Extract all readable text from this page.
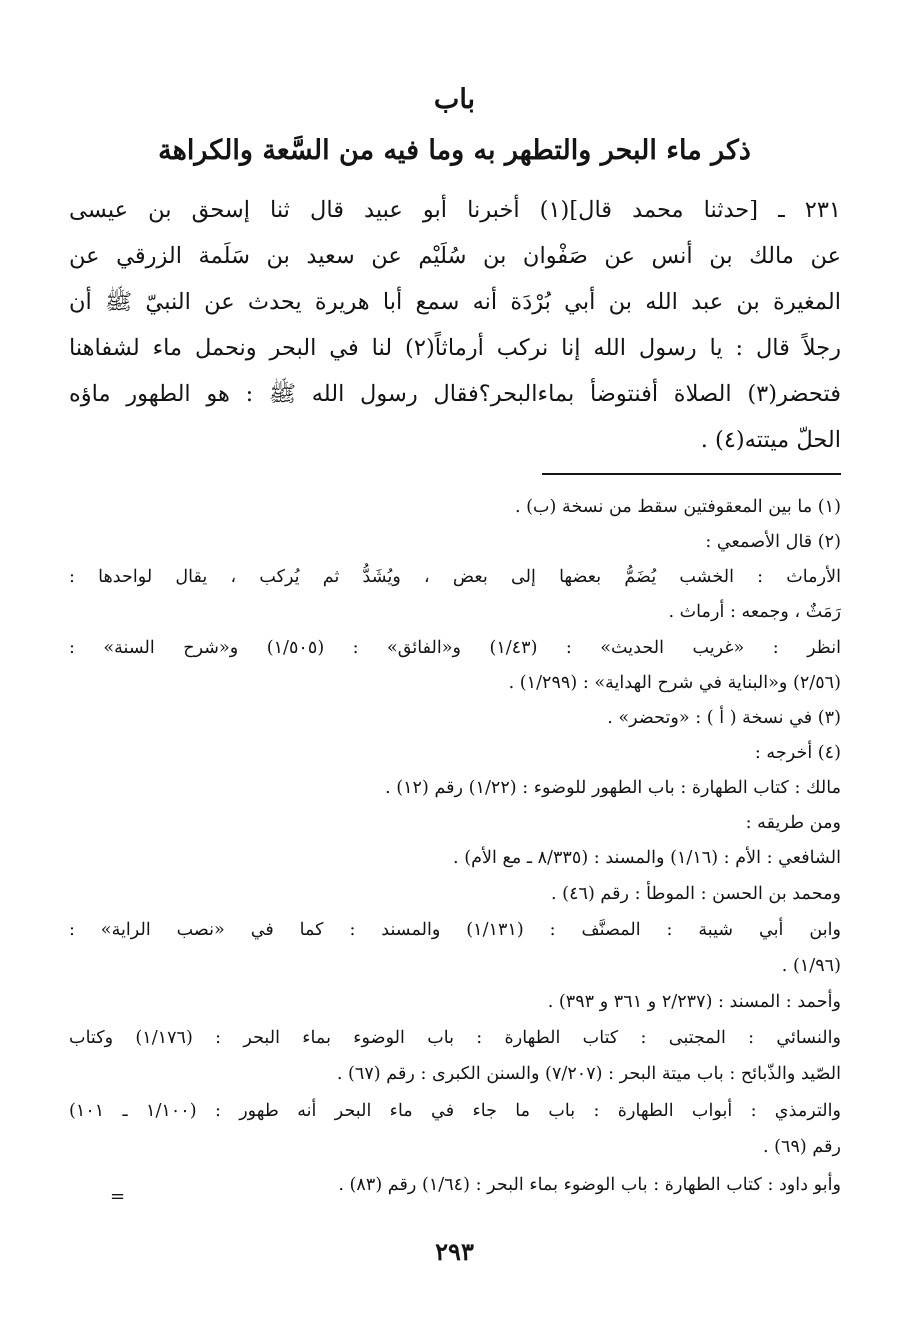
باب
ذكر ماء البحر والتطهر به وما فيه من السَّعة والكراهة
٢٣١ ـ [حدثنا محمد قال](١) أخبرنا أبو عبيد قال ثنا إسحق بن عيسى
عن مالك بن أنس عن صَفْوان بن سُلَيْم عن سعيد بن سَلَمة الزرقي عن
المغيرة بن عبد الله بن أبي بُرْدَة أنه سمع أبا هريرة يحدث عن النبيّ ﷺ أن
رجلاً قال : يا رسول الله إنا نركب أرماثاً(٢) لنا في البحر ونحمل ماء لشفاهنا
فتحضر(٣) الصلاة أفنتوضأ بماءالبحر؟فقال رسول الله ﷺ : هو الطهور ماؤه
الحلّ ميتته(٤) .
(١) ما بين المعقوفتين سقط من نسخة (ب) .
(٢) قال الأصمعي :
الأرماث : الخشب يُضَمُّ بعضها إلى بعض ، ويُشَدُّ ثم يُركب ، يقال لواحدها :
رَمَثٌ ، وجمعه : أرماث .
انظر : «غريب الحديث» : (١/٤٣) و«الفائق» : (١/٥٠٥) و«شرح السنة» :
(٢/٥٦) و«البناية في شرح الهداية» : (١/٢٩٩) .
(٣) في نسخة ( أ ) : «وتحضر» .
(٤) أخرجه :
مالك : كتاب الطهارة : باب الطهور للوضوء : (١/٢٢) رقم (١٢) .
ومن طريقه :
الشافعي : الأم : (١/١٦) والمسند : (٨/٣٣٥ ـ مع الأم) .
ومحمد بن الحسن : الموطأ : رقم (٤٦) .
وابن أبي شيبة : المصنَّف : (١/١٣١) والمسند : كما في «نصب الراية» :
(١/٩٦) .
وأحمد : المسند : (٢/٢٣٧ و ٣٦١ و ٣٩٣) .
والنسائي : المجتبى : كتاب الطهارة : باب الوضوء بماء البحر : (١/١٧٦) وكتاب
الصّيد والذّبائح : باب ميتة البحر : (٧/٢٠٧) والسنن الكبرى : رقم (٦٧) .
والترمذي : أبواب الطهارة : باب ما جاء في ماء البحر أنه طهور : (١/١٠٠ ـ ١٠١)
رقم (٦٩) .
وأبو داود : كتاب الطهارة : باب الوضوء بماء البحر : (١/٦٤) رقم (٨٣) .
=
٢٩٣
